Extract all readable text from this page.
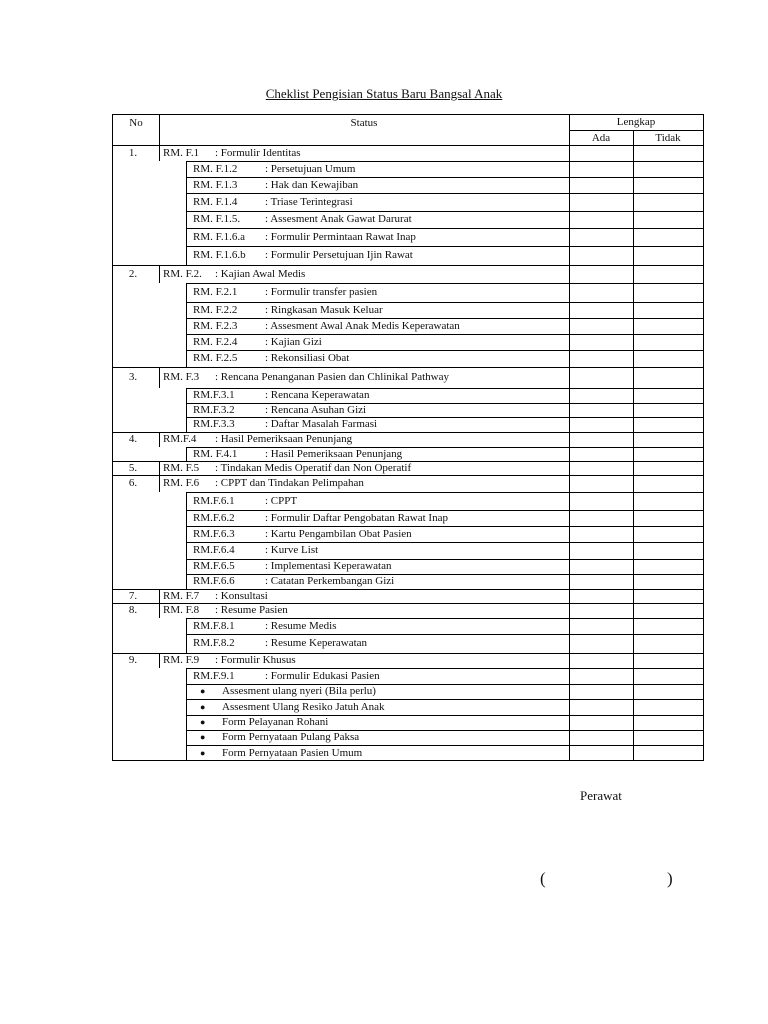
Cheklist Pengisian Status Baru Bangsal Anak
No	Status	Lengkap
Ada	Tidak
1.	RM. F.1 : Formulir Identitas
RM. F.1.2	: Persetujuan Umum
RM. F.1.3	: Hak dan Kewajiban
RM. F.1.4	: Triase Terintegrasi
RM. F.1.5. : Assesment Anak Gawat Darurat
RM. F.1.6.a : Formulir Permintaan Rawat Inap
RM. F.1.6.b : Formulir Persetujuan Ijin Rawat
2.	RM. F.2. : Kajian Awal Medis
RM. F.2.1	: Formulir transfer pasien
RM. F.2.2	: Ringkasan Masuk Keluar
RM. F.2.3	: Assesment Awal Anak Medis Keperawatan
RM. F.2.4	: Kajian Gizi
RM. F.2.5	: Rekonsiliasi Obat
3.	RM. F.3 : Rencana Penanganan Pasien dan Chlinikal Pathway
RM.F.3.1	: Rencana Keperawatan
RM.F.3.2	: Rencana Asuhan Gizi
RM.F.3.3	: Daftar Masalah Farmasi
4.	RM.F.4 : Hasil Pemeriksaan Penunjang
RM. F.4.1	: Hasil Pemeriksaan Penunjang
5.	RM. F.5 : Tindakan Medis Operatif dan Non Operatif
6.	RM. F.6 : CPPT dan Tindakan Pelimpahan
RM.F.6.1	: CPPT
RM.F.6.2	: Formulir Daftar Pengobatan Rawat Inap
RM.F.6.3	: Kartu Pengambilan Obat Pasien
RM.F.6.4	: Kurve List
RM.F.6.5	: Implementasi Keperawatan
RM.F.6.6	: Catatan Perkembangan Gizi
7.	RM. F.7 : Konsultasi
8.	RM. F.8 : Resume Pasien
RM.F.8.1	: Resume Medis
RM.F.8.2	: Resume Keperawatan
9.	RM. F.9 : Formulir Khusus
RM.F.9.1	: Formulir Edukasi Pasien
● Assesment ulang nyeri (Bila perlu)
● Assesment Ulang Resiko Jatuh Anak
● Form Pelayanan Rohani
● Form Pernyataan Pulang Paksa
● Form Pernyataan Pasien Umum
Perawat
(	)
